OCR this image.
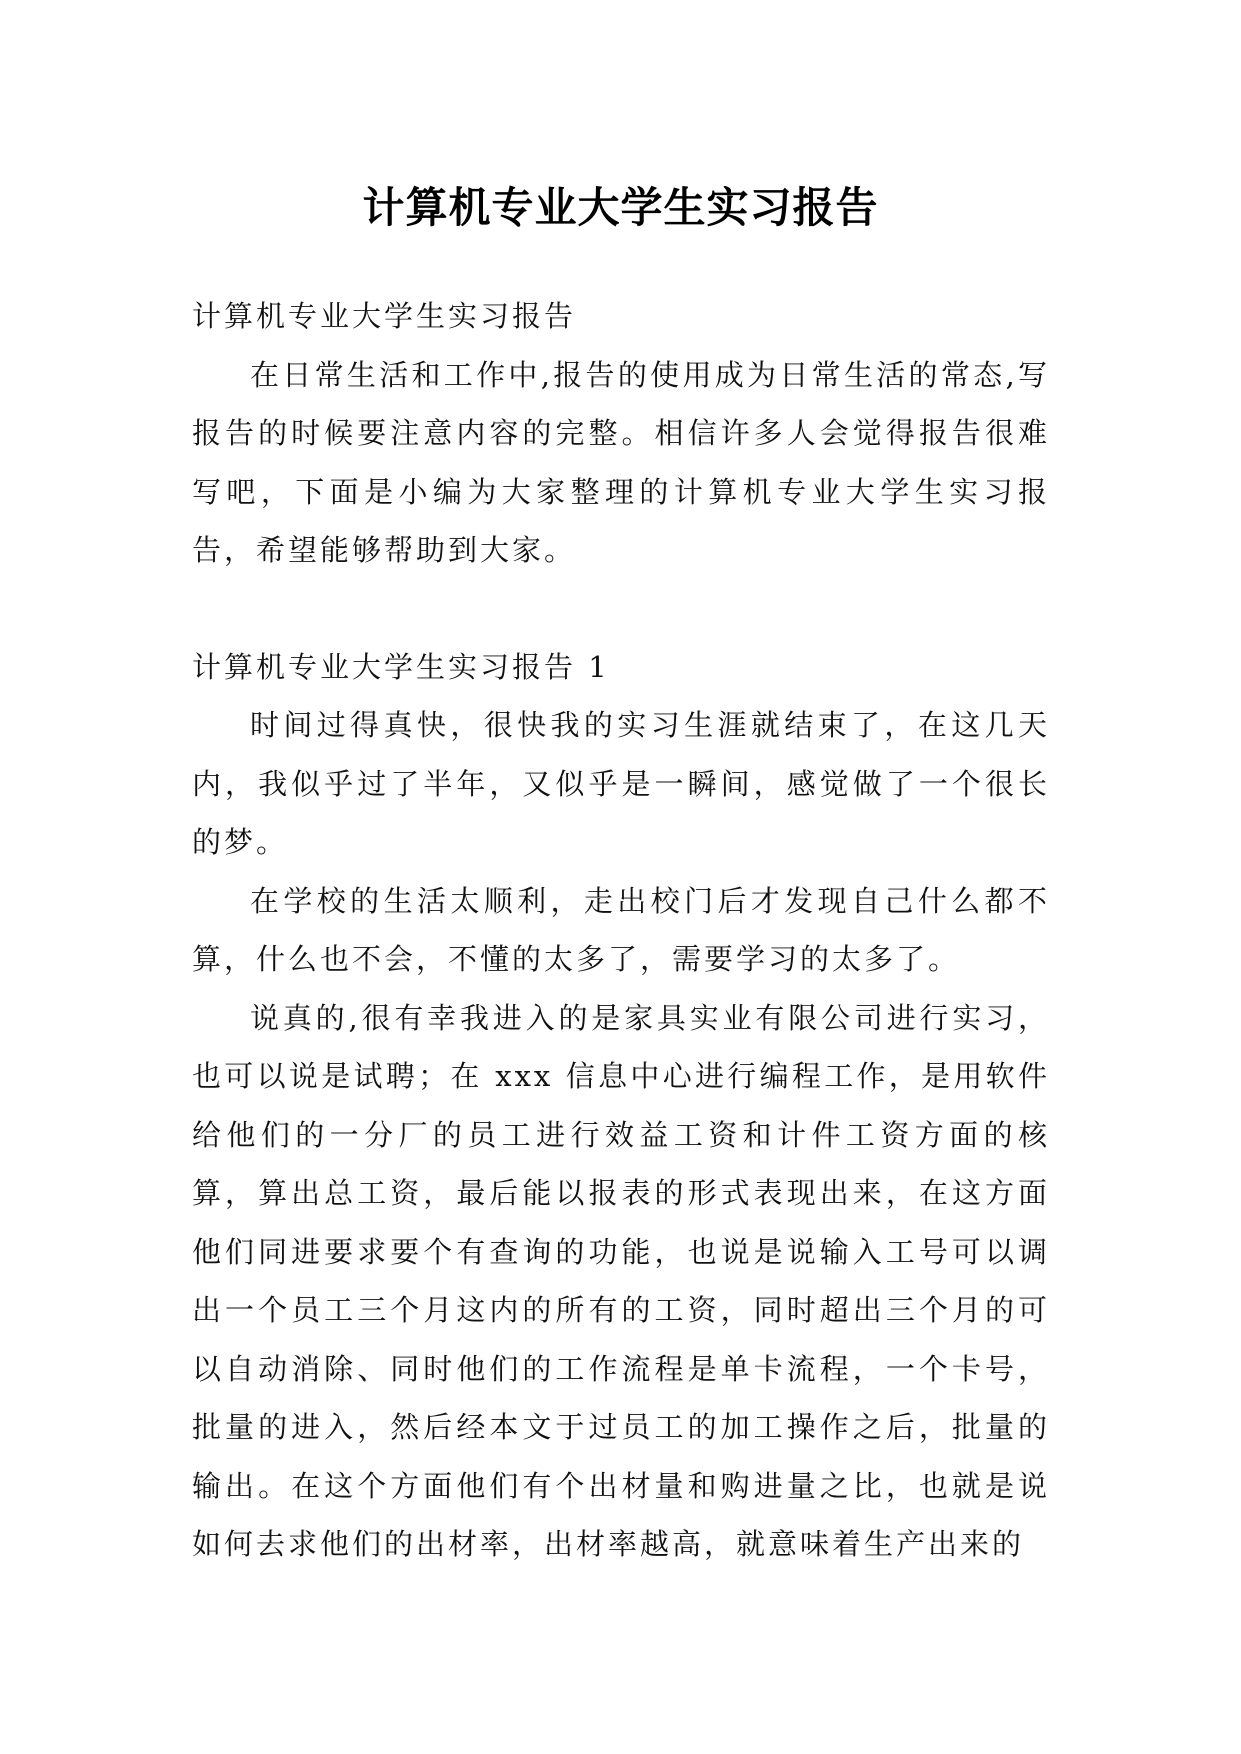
计算机专业大学生实习报告

计算机专业大学生实习报告

在日常生活和工作中,报告的使用成为日常生活的常态,写报告的时候要注意内容的完整。相信许多人会觉得报告很难写吧，下面是小编为大家整理的计算机专业大学生实习报告，希望能够帮助到大家。

计算机专业大学生实习报告 1

时间过得真快，很快我的实习生涯就结束了，在这几天内，我似乎过了半年，又似乎是一瞬间，感觉做了一个很长的梦。

在学校的生活太顺利，走出校门后才发现自己什么都不算，什么也不会，不懂的太多了，需要学习的太多了。

说真的,很有幸我进入的是家具实业有限公司进行实习，也可以说是试聘；在 xxx 信息中心进行编程工作，是用软件给他们的一分厂的员工进行效益工资和计件工资方面的核算，算出总工资，最后能以报表的形式表现出来，在这方面他们同进要求要个有查询的功能，也说是说输入工号可以调出一个员工三个月这内的所有的工资，同时超出三个月的可以自动消除、同时他们的工作流程是单卡流程，一个卡号，批量的进入，然后经本文于过员工的加工操作之后，批量的输出。在这个方面他们有个出材量和购进量之比，也就是说如何去求他们的出材率，出材率越高，就意味着生产出来的
